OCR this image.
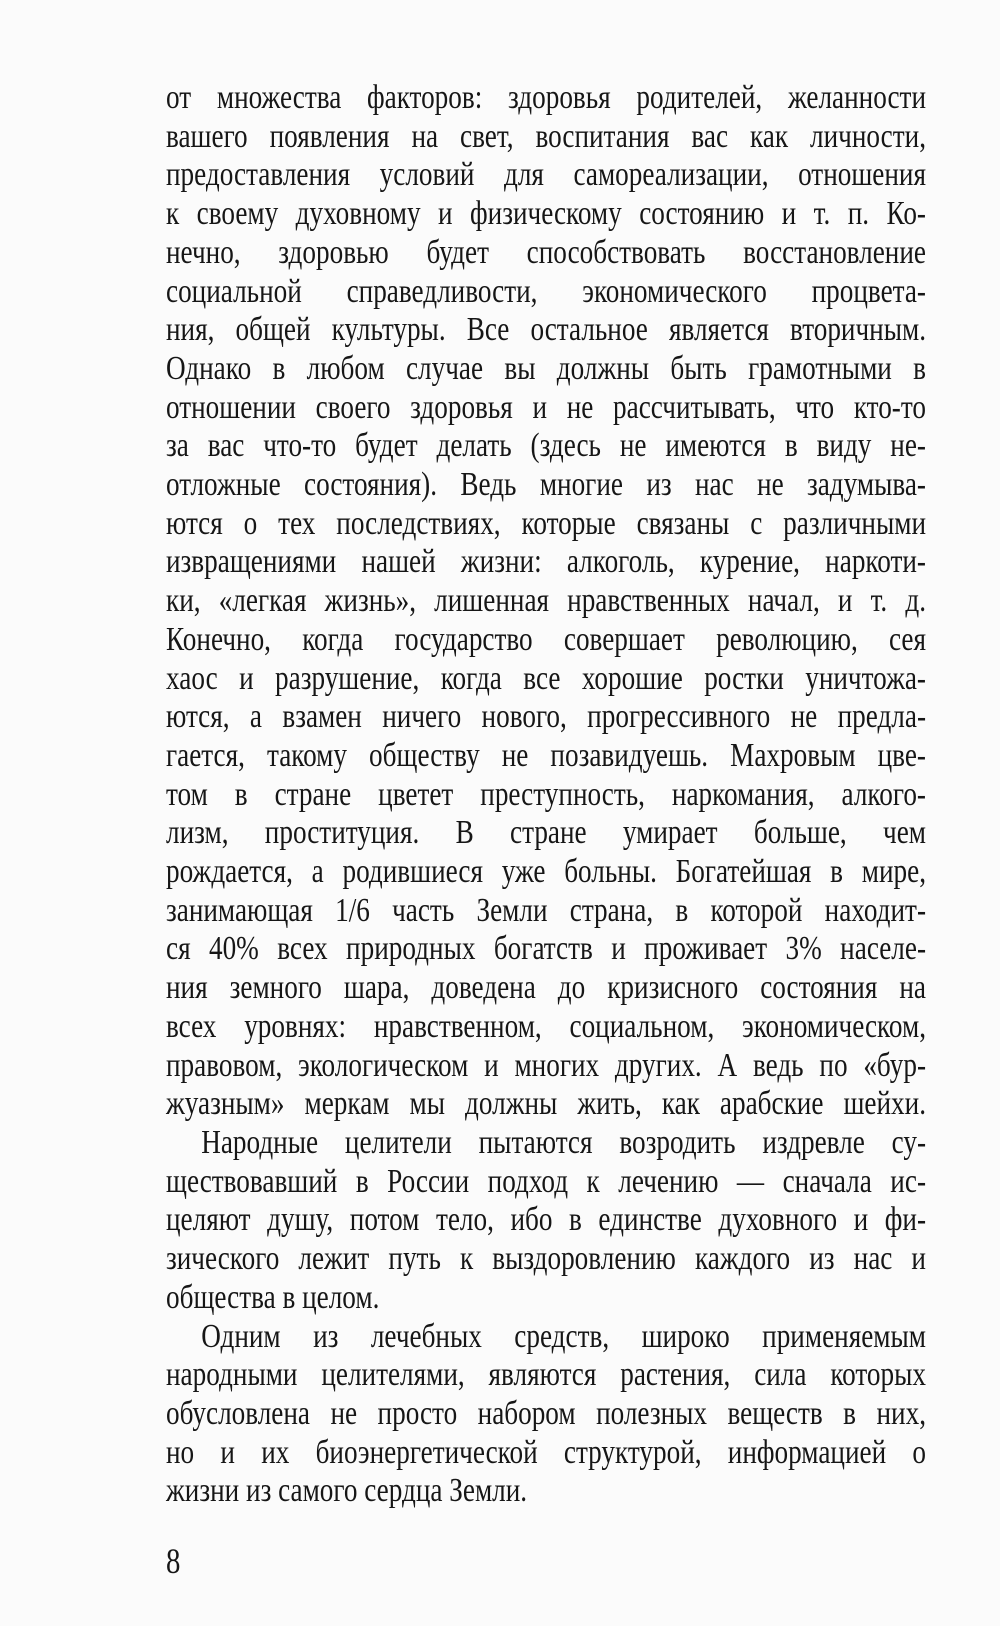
от множества факторов: здоровья родителей, желанности
вашего появления на свет, воспитания вас как личности,
предоставления условий для самореализации, отношения
к своему духовному и физическому состоянию и т. п. Ко-
нечно, здоровью будет способствовать восстановление
социальной справедливости, экономического процвета-
ния, общей культуры. Все остальное является вторичным.
Однако в любом случае вы должны быть грамотными в
отношении своего здоровья и не рассчитывать, что кто-то
за вас что-то будет делать (здесь не имеются в виду не-
отложные состояния). Ведь многие из нас не задумыва-
ются о тех последствиях, которые связаны с различными
извращениями нашей жизни: алкоголь, курение, наркоти-
ки, «легкая жизнь», лишенная нравственных начал, и т. д.
Конечно, когда государство совершает революцию, сея
хаос и разрушение, когда все хорошие ростки уничтожа-
ются, а взамен ничего нового, прогрессивного не предла-
гается, такому обществу не позавидуешь. Махровым цве-
том в стране цветет преступность, наркомания, алкого-
лизм, проституция. В стране умирает больше, чем
рождается, а родившиеся уже больны. Богатейшая в мире,
занимающая 1/6 часть Земли страна, в которой находит-
ся 40% всех природных богатств и проживает 3% населе-
ния земного шара, доведена до кризисного состояния на
всех уровнях: нравственном, социальном, экономическом,
правовом, экологическом и многих других. А ведь по «бур-
жуазным» меркам мы должны жить, как арабские шейхи.
Народные целители пытаются возродить издревле су-
ществовавший в России подход к лечению — сначала ис-
целяют душу, потом тело, ибо в единстве духовного и фи-
зического лежит путь к выздоровлению каждого из нас и
общества в целом.
Одним из лечебных средств, широко применяемым
народными целителями, являются растения, сила которых
обусловлена не просто набором полезных веществ в них,
но и их биоэнергетической структурой, информацией о
жизни из самого сердца Земли.
8
